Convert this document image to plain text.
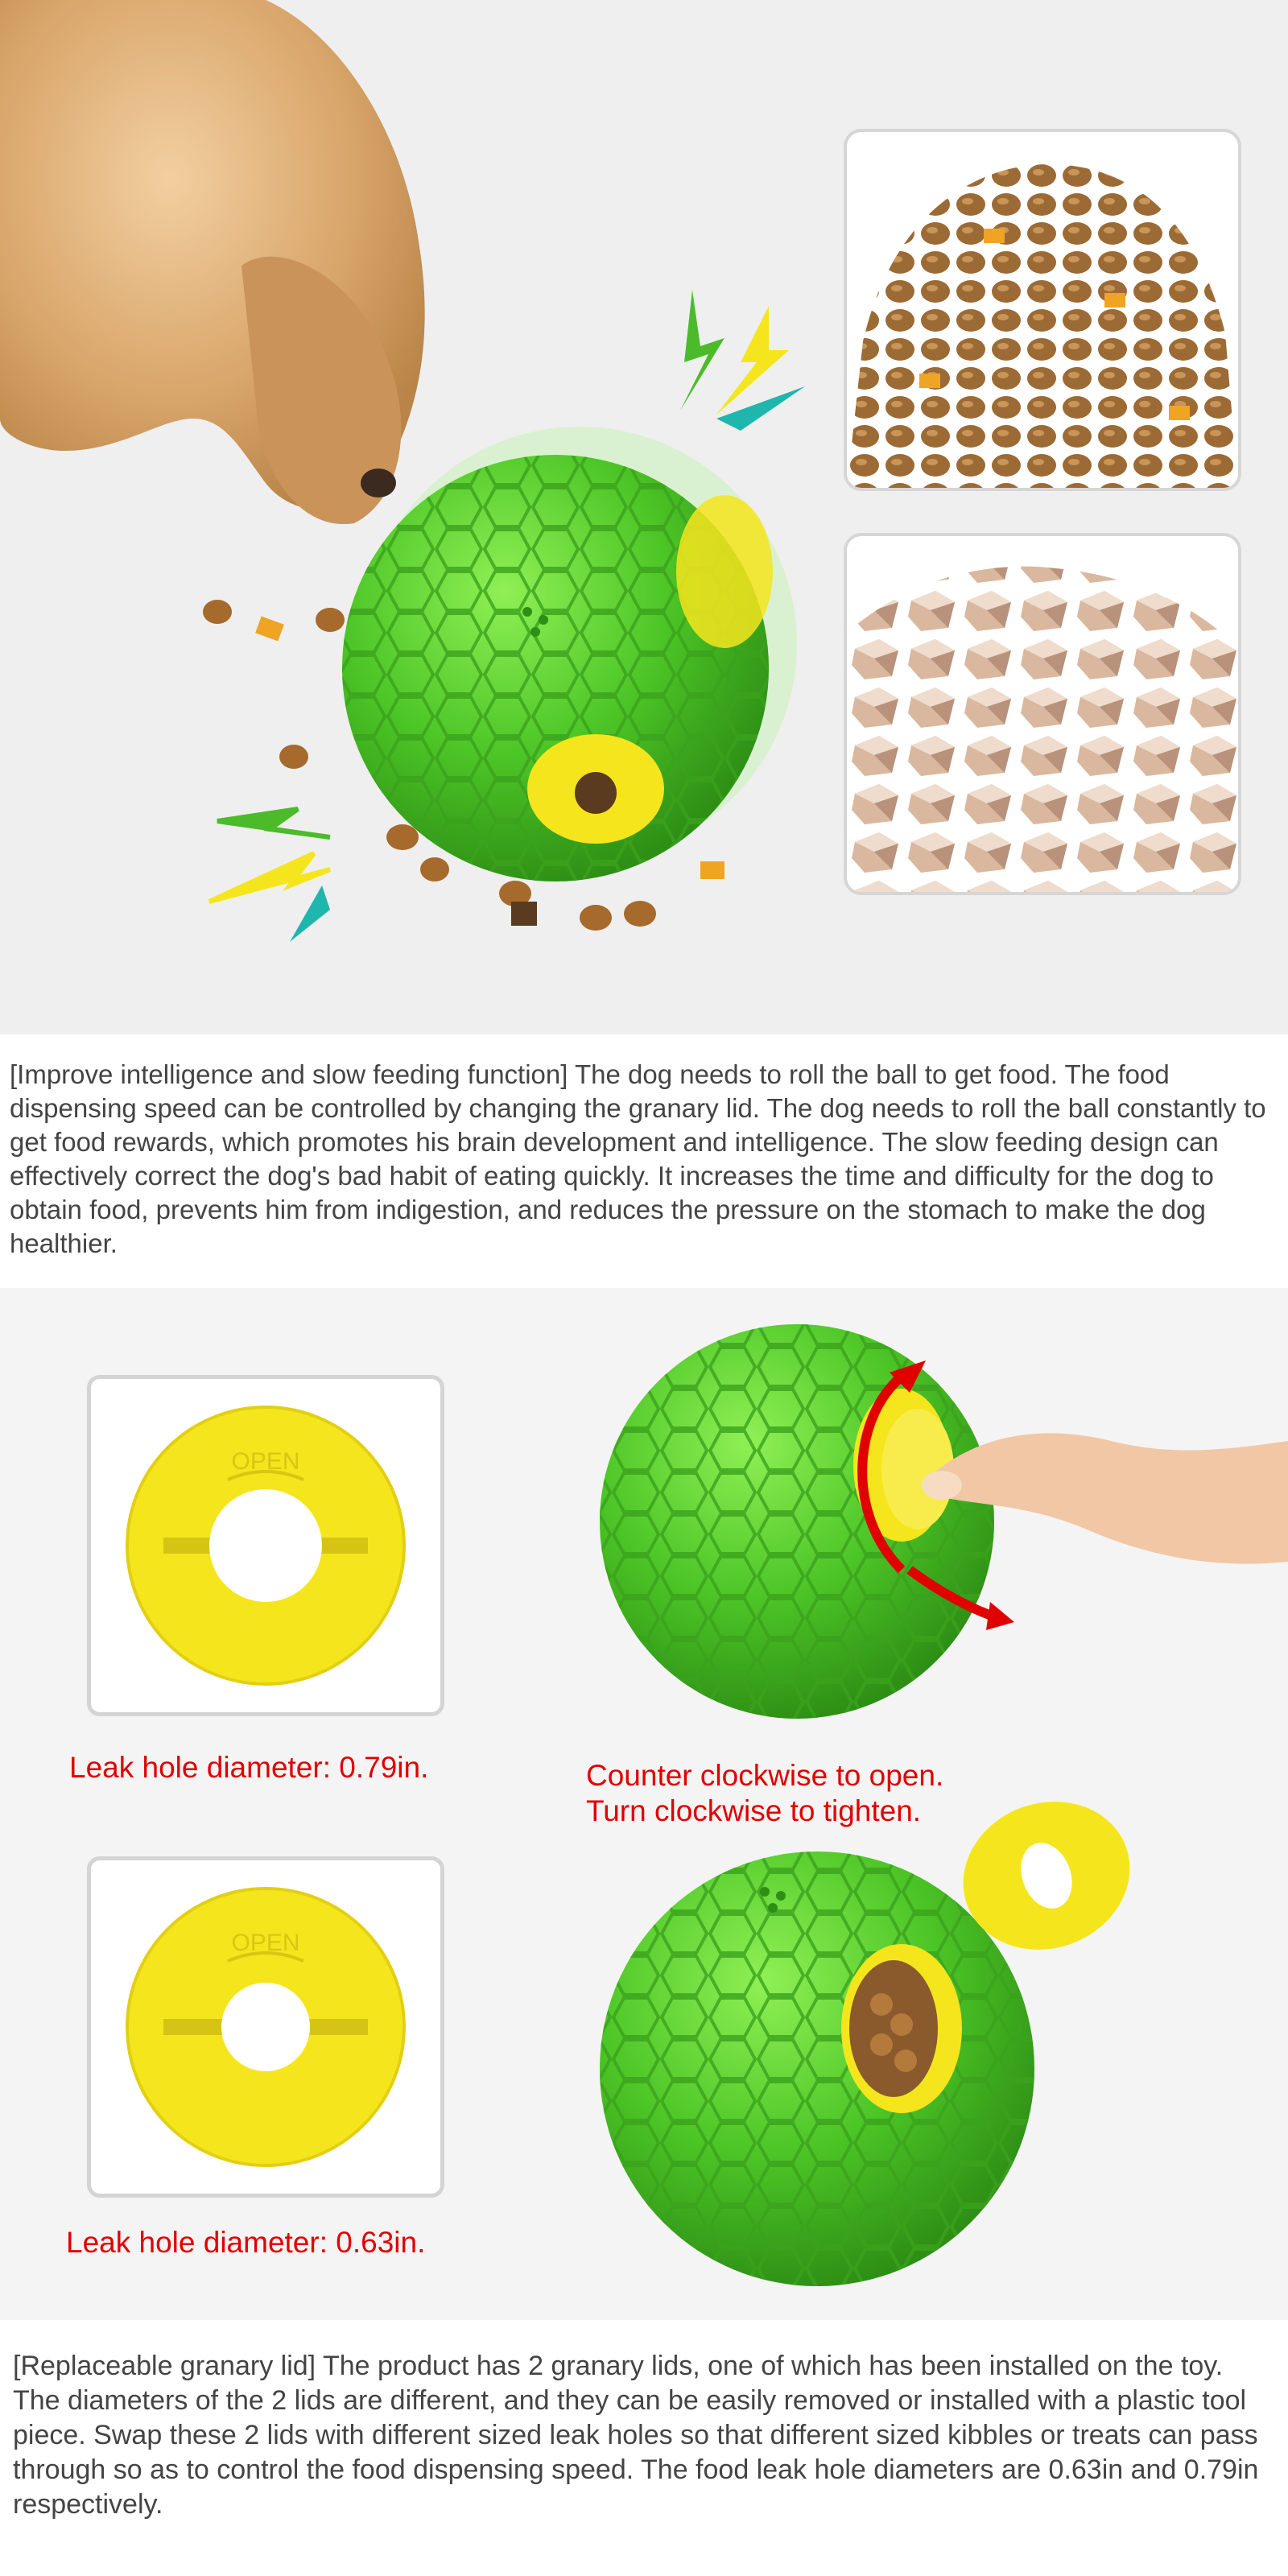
[Improve intelligence and slow feeding function] The dog needs to roll the ball to get food. The food dispensing speed can be controlled by changing the granary lid. The dog needs to roll the ball constantly to get food rewards, which promotes his brain development and intelligence. The slow feeding design can effectively correct the dog's bad habit of eating quickly. It increases the time and difficulty for the dog to obtain food, prevents him from indigestion, and reduces the pressure on the stomach to make the dog healthier.
OPEN
Leak hole diameter: 0.79in.
OPEN
Leak hole diameter: 0.63in.
Counter clockwise to open.
Turn clockwise to tighten.
[Replaceable granary lid] The product has 2 granary lids, one of which has been installed on the toy. The diameters of the 2 lids are different, and they can be easily removed or installed with a plastic tool piece. Swap these 2 lids with different sized leak holes so that different sized kibbles or treats can pass through so as to control the food dispensing speed. The food leak hole diameters are 0.63in and 0.79in respectively.
